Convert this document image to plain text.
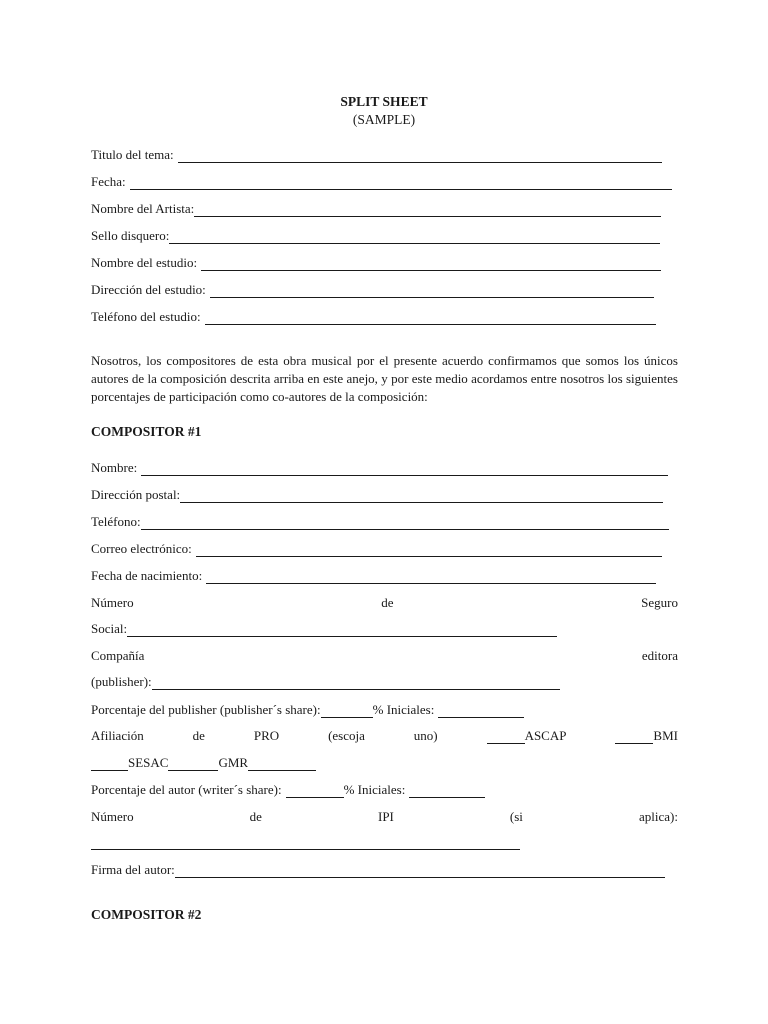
SPLIT SHEET
(SAMPLE)
Titulo del tema:
Fecha:
Nombre del Artista:
Sello disquero:
Nombre del estudio:
Dirección del estudio:
Teléfono del estudio:
Nosotros, los compositores de esta obra musical por el presente acuerdo confirmamos que somos los únicos autores de la composición descrita arriba en este anejo, y por este medio acordamos entre nosotros los siguientes porcentajes de participación como co-autores de la composición:
COMPOSITOR #1
Nombre:
Dirección postal:
Teléfono:
Correo electrónico:
Fecha de nacimiento:
Número	de	Seguro
Social:
Compañía	editora
(publisher):
Porcentaje del publisher (publisher´s share):	% Iniciales:
Afiliación	de	PRO	(escoja	uno)	ASCAP	BMI
SESAC	GMR
Porcentaje del autor (writer´s share):	% Iniciales:
Número	de	IPI	(si	aplica):
Firma del autor:
COMPOSITOR #2
